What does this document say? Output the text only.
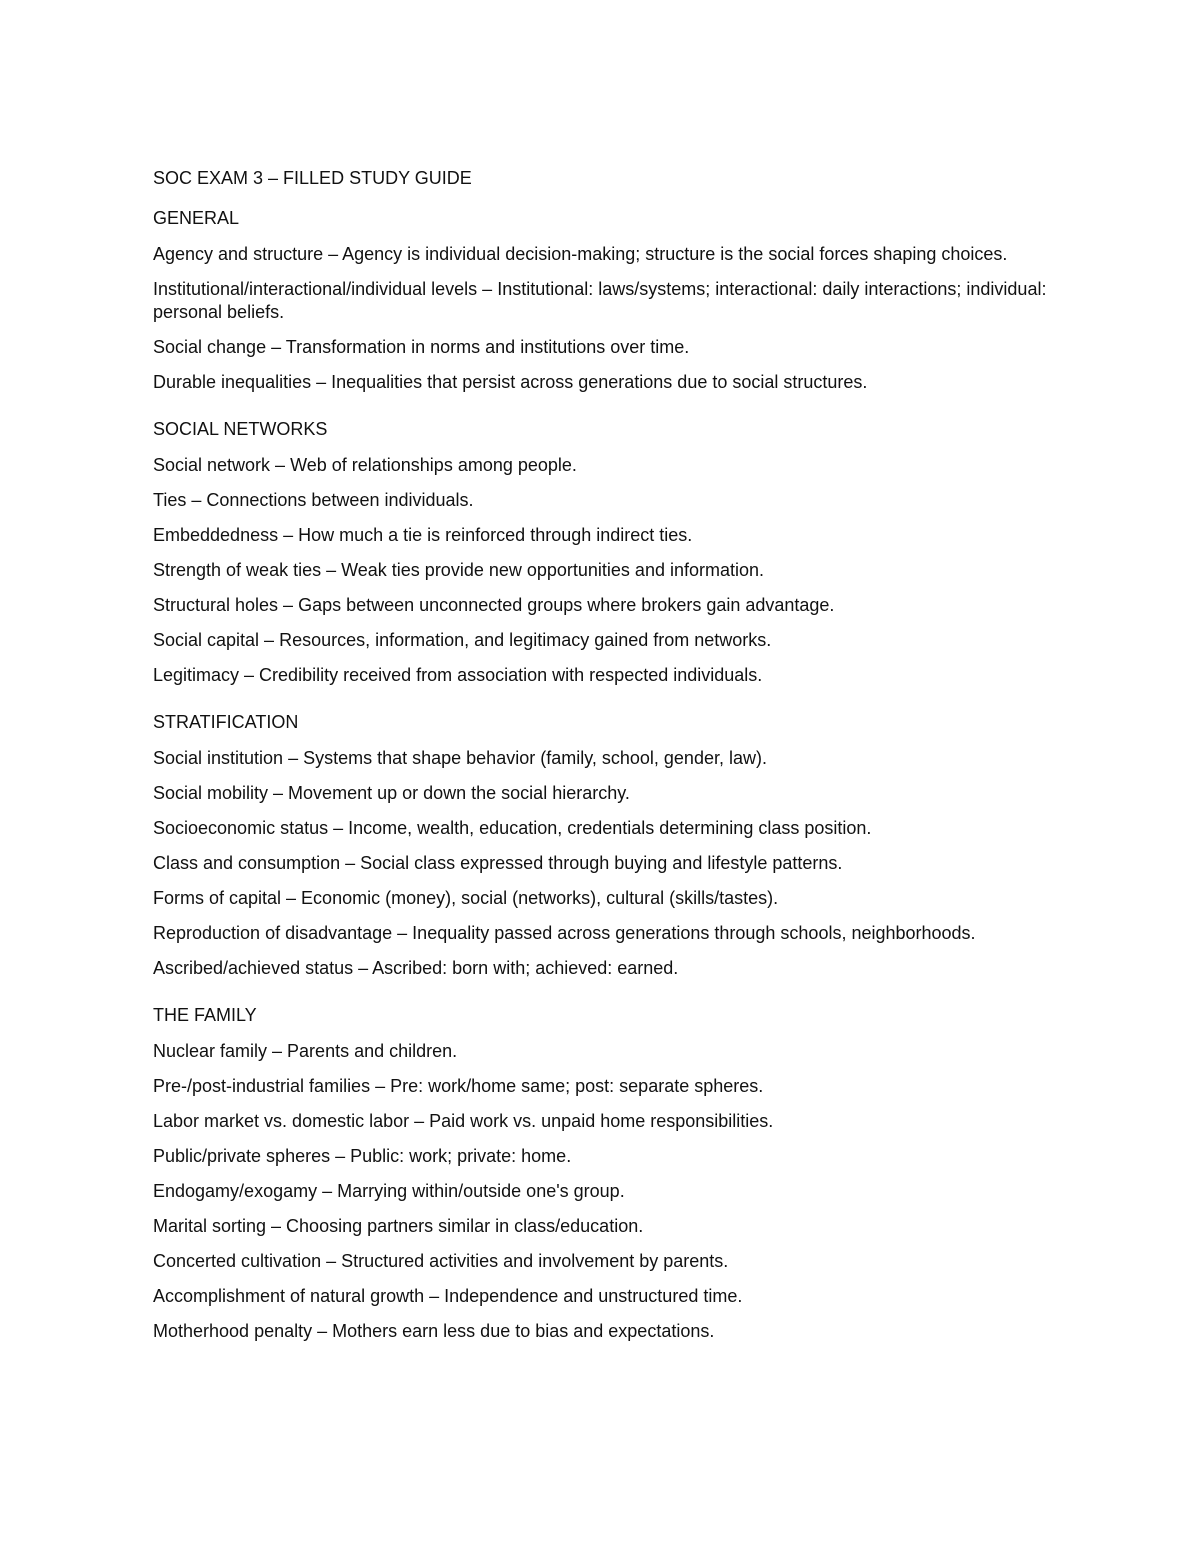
SOC EXAM 3 – FILLED STUDY GUIDE
GENERAL
Agency and structure – Agency is individual decision-making; structure is the social forces shaping choices.
Institutional/interactional/individual levels – Institutional: laws/systems; interactional: daily interactions; individual: personal beliefs.
Social change – Transformation in norms and institutions over time.
Durable inequalities – Inequalities that persist across generations due to social structures.
SOCIAL NETWORKS
Social network – Web of relationships among people.
Ties – Connections between individuals.
Embeddedness – How much a tie is reinforced through indirect ties.
Strength of weak ties – Weak ties provide new opportunities and information.
Structural holes – Gaps between unconnected groups where brokers gain advantage.
Social capital – Resources, information, and legitimacy gained from networks.
Legitimacy – Credibility received from association with respected individuals.
STRATIFICATION
Social institution – Systems that shape behavior (family, school, gender, law).
Social mobility – Movement up or down the social hierarchy.
Socioeconomic status – Income, wealth, education, credentials determining class position.
Class and consumption – Social class expressed through buying and lifestyle patterns.
Forms of capital – Economic (money), social (networks), cultural (skills/tastes).
Reproduction of disadvantage – Inequality passed across generations through schools, neighborhoods.
Ascribed/achieved status – Ascribed: born with; achieved: earned.
THE FAMILY
Nuclear family – Parents and children.
Pre-/post-industrial families – Pre: work/home same; post: separate spheres.
Labor market vs. domestic labor – Paid work vs. unpaid home responsibilities.
Public/private spheres – Public: work; private: home.
Endogamy/exogamy – Marrying within/outside one's group.
Marital sorting – Choosing partners similar in class/education.
Concerted cultivation – Structured activities and involvement by parents.
Accomplishment of natural growth – Independence and unstructured time.
Motherhood penalty – Mothers earn less due to bias and expectations.
